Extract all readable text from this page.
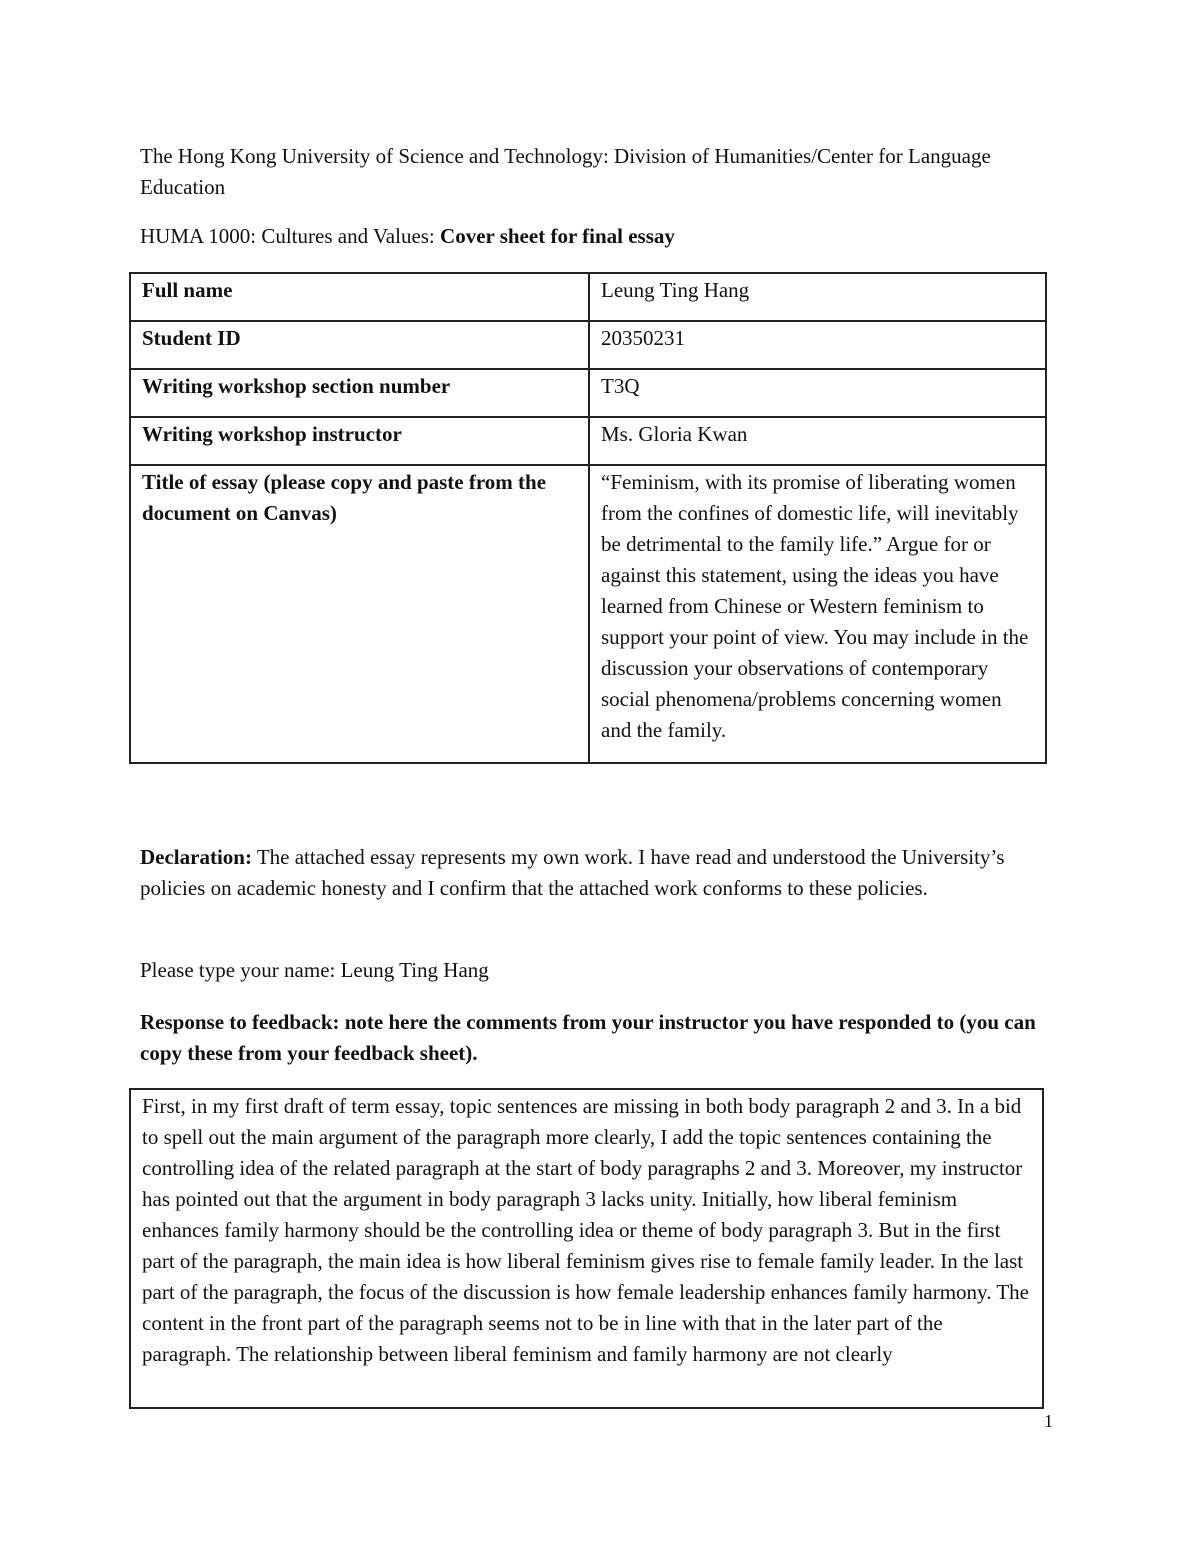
The Hong Kong University of Science and Technology: Division of Humanities/Center for Language Education

HUMA 1000: Cultures and Values: Cover sheet for final essay

Full name	Leung Ting Hang
Student ID	20350231
Writing workshop section number	T3Q
Writing workshop instructor	Ms. Gloria Kwan
Title of essay (please copy and paste from the document on Canvas)	“Feminism, with its promise of liberating women from the confines of domestic life, will inevitably be detrimental to the family life.” Argue for or against this statement, using the ideas you have learned from Chinese or Western feminism to support your point of view. You may include in the discussion your observations of contemporary social phenomena/problems concerning women and the family.

Declaration: The attached essay represents my own work. I have read and understood the University’s policies on academic honesty and I confirm that the attached work conforms to these policies.

Please type your name: Leung Ting Hang

Response to feedback: note here the comments from your instructor you have responded to (you can copy these from your feedback sheet).

First, in my first draft of term essay, topic sentences are missing in both body paragraph 2 and 3. In a bid to spell out the main argument of the paragraph more clearly, I add the topic sentences containing the controlling idea of the related paragraph at the start of body paragraphs 2 and 3. Moreover, my instructor has pointed out that the argument in body paragraph 3 lacks unity. Initially, how liberal feminism enhances family harmony should be the controlling idea or theme of body paragraph 3. But in the first part of the paragraph, the main idea is how liberal feminism gives rise to female family leader. In the last part of the paragraph, the focus of the discussion is how female leadership enhances family harmony. The content in the front part of the paragraph seems not to be in line with that in the later part of the paragraph. The relationship between liberal feminism and family harmony are not clearly
1
